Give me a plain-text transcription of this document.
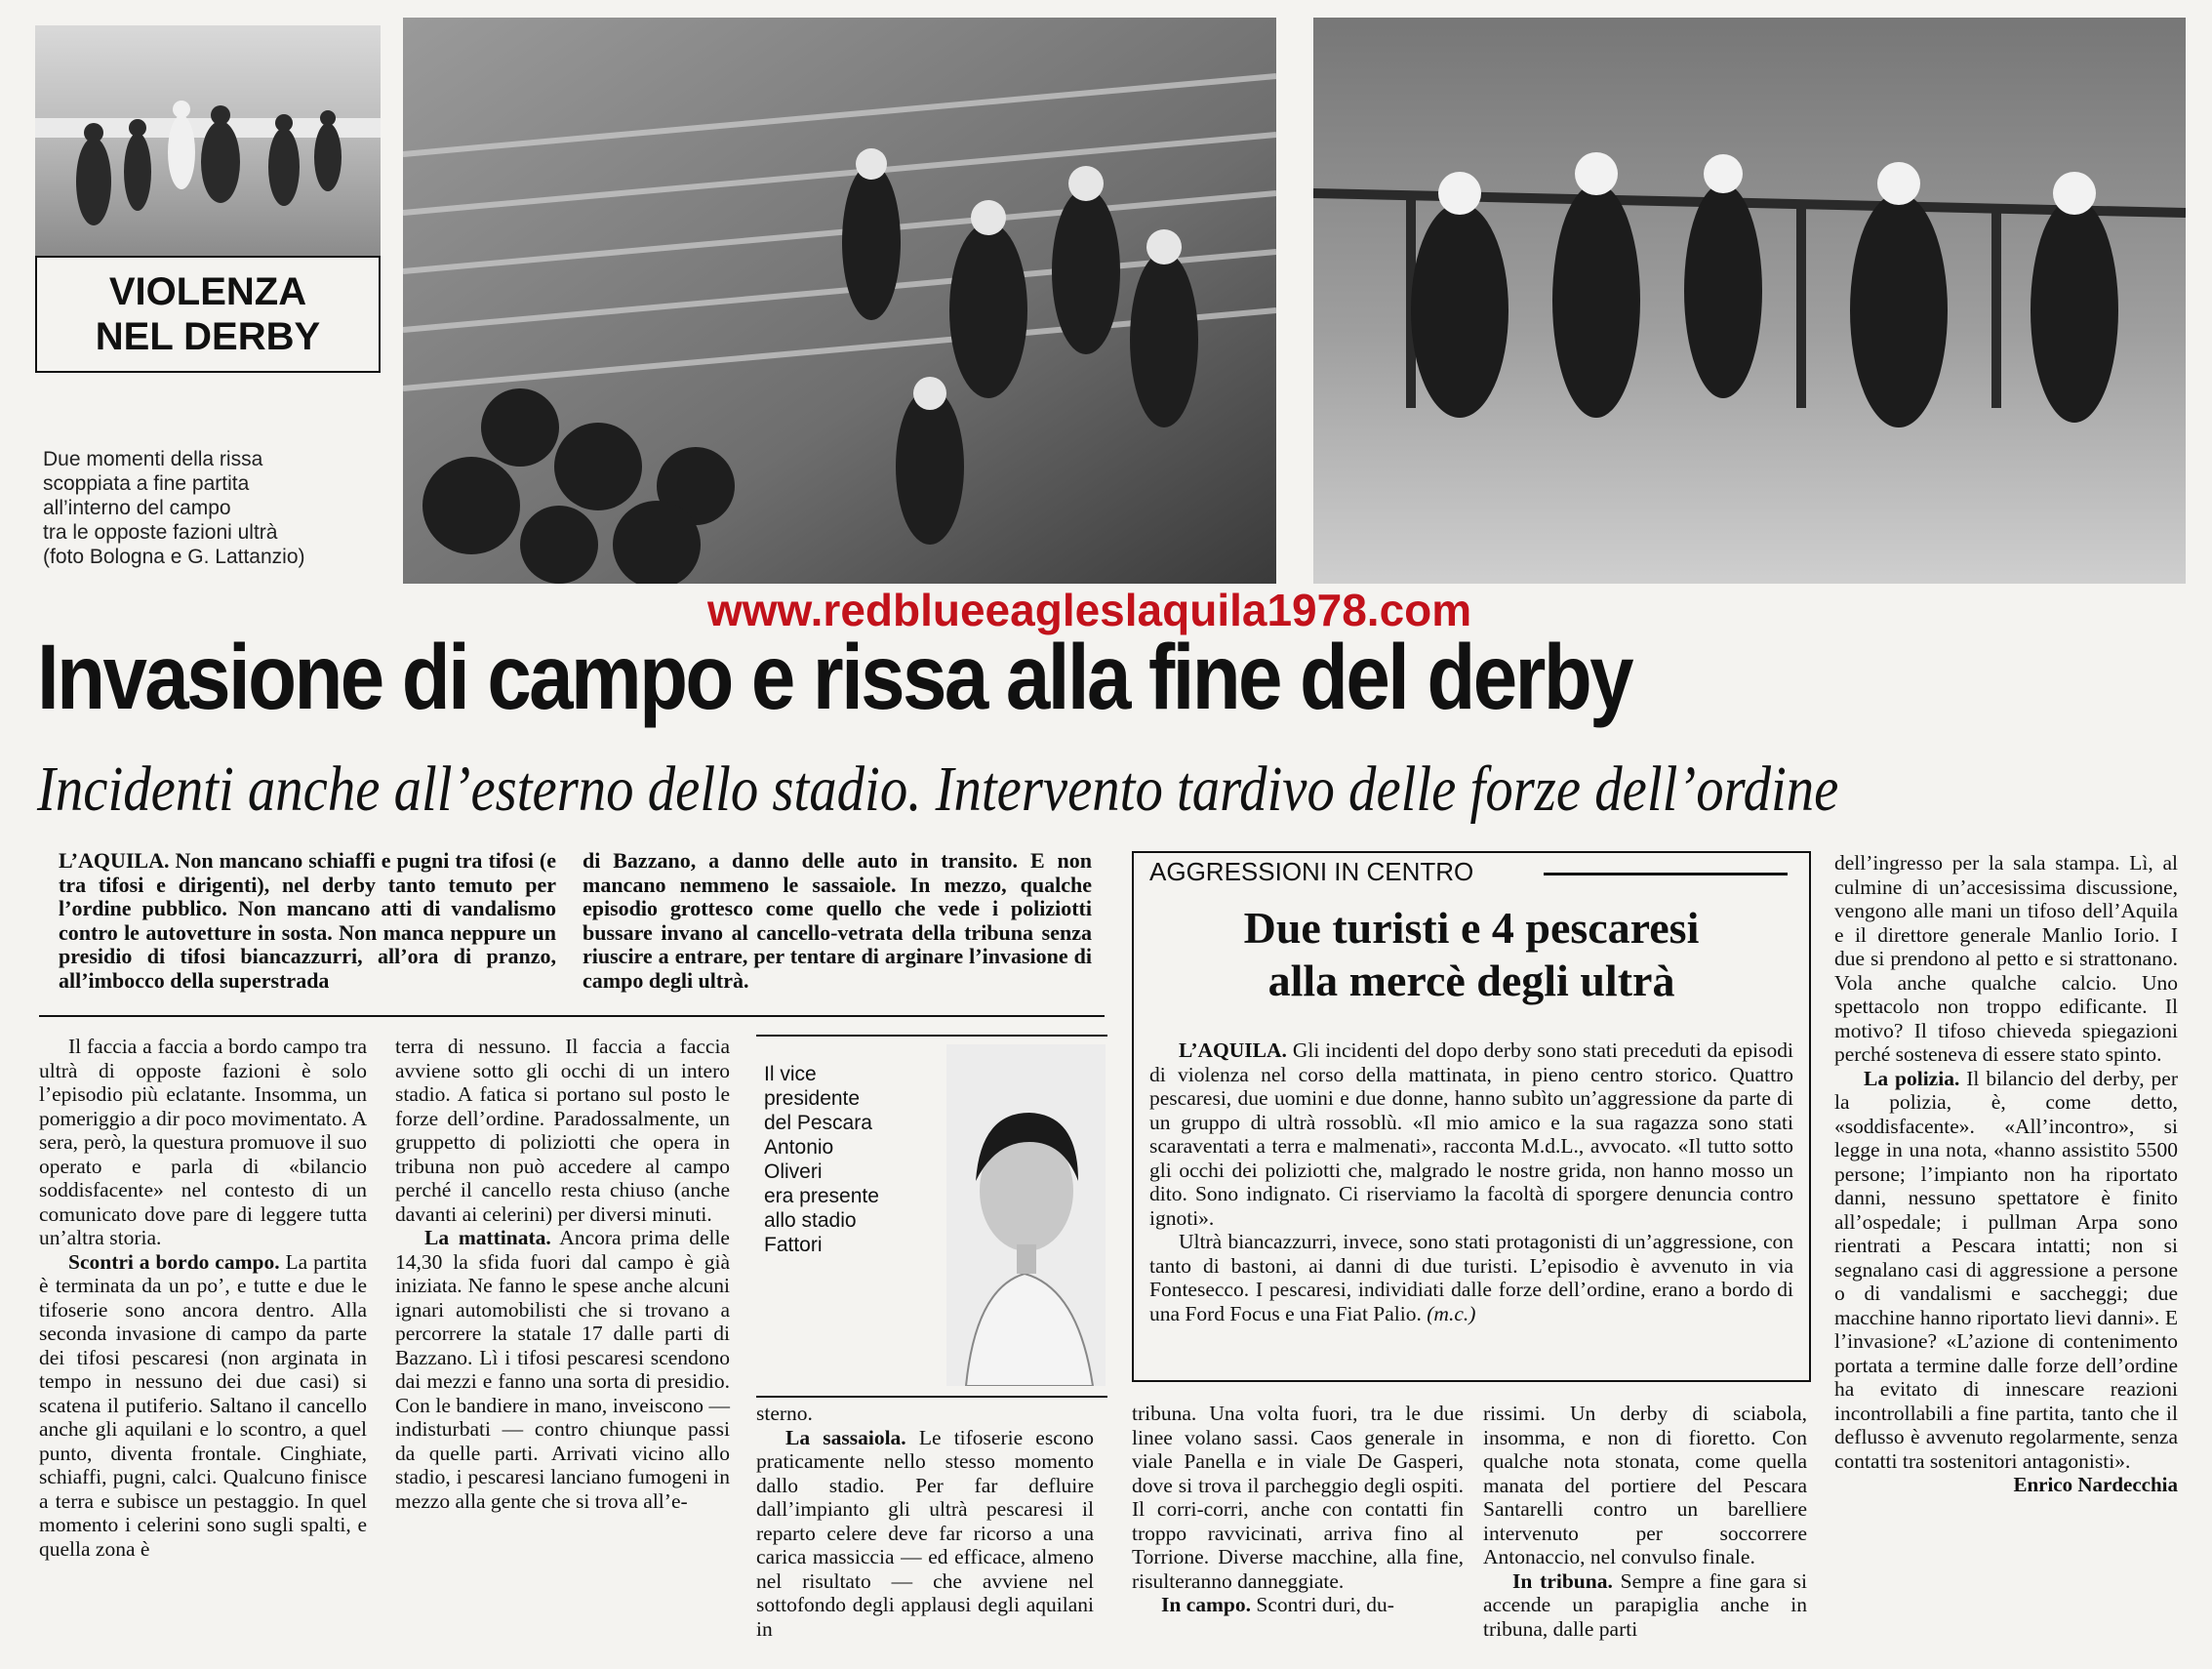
VIOLENZA
NEL DERBY
Due momenti della rissa
scoppiata a fine partita
all’interno del campo
tra le opposte fazioni ultrà
(foto Bologna e G. Lattanzio)
www.redblueeagleslaquila1978.com
Invasione di campo e rissa alla fine del derby
Incidenti anche all’esterno dello stadio. Intervento tardivo delle forze dell’ordine

L’AQUILA. Non mancano schiaffi e pugni tra tifosi (e tra tifosi e dirigenti), nel derby tanto temuto per l’ordine pubblico. Non mancano atti di vandalismo contro le autovetture in sosta. Non manca neppure un presidio di tifosi biancazzurri, all’ora di pranzo, all’imbocco della superstrada

di Bazzano, a danno delle auto in transito. E non mancano nemmeno le sassaiole. In mezzo, qualche episodio grottesco come quello che vede i poliziotti bussare invano al cancello-vetrata della tribuna senza riuscire a entrare, per tentare di arginare l’invasione di campo degli ultrà.

Il faccia a faccia a bordo campo tra ultrà di opposte fazioni è solo l’episodio più eclatante. Insomma, un pomeriggio a dir poco movimentato. A sera, però, la questura promuove il suo operato e parla di «bilancio soddisfacente» nel contesto di un comunicato dove pare di leggere tutta un’altra storia.

Scontri a bordo campo. La partita è terminata da un po’, e tutte e due le tifoserie sono ancora dentro. Alla seconda invasione di campo da parte dei tifosi pescaresi (non arginata in tempo in nessuno dei due casi) si scatena il putiferio. Saltano il cancello anche gli aquilani e lo scontro, a quel punto, diventa frontale. Cinghiate, schiaffi, pugni, calci. Qualcuno finisce a terra e subisce un pestaggio. In quel momento i celerini sono sugli spalti, e quella zona è

terra di nessuno. Il faccia a faccia avviene sotto gli occhi di un intero stadio. A fatica si portano sul posto le forze dell’ordine. Paradossalmente, un gruppetto di poliziotti che opera in tribuna non può accedere al campo perché il cancello resta chiuso (anche davanti ai celerini) per diversi minuti.

La mattinata. Ancora prima delle 14,30 la sfida fuori dal campo è già iniziata. Ne fanno le spese anche alcuni ignari automobilisti che si trovano a percorrere la statale 17 dalle parti di Bazzano. Lì i tifosi pescaresi scendono dai mezzi e fanno una sorta di presidio. Con le bandiere in mano, inveiscono — indisturbati — contro chiunque passi da quelle parti. Arrivati vicino allo stadio, i pescaresi lanciano fumogeni in mezzo alla gente che si trova all’e-

Il vice
presidente
del Pescara
Antonio
Oliveri
era presente
allo stadio
Fattori

sterno.

La sassaiola. Le tifoserie escono praticamente nello stesso momento dallo stadio. Per far defluire dall’impianto gli ultrà pescaresi il reparto celere deve far ricorso a una carica massiccia — ed efficace, almeno nel risultato — che avviene nel sottofondo degli applausi degli aquilani in

AGGRESSIONI IN CENTRO
Due turisti e 4 pescaresi
alla mercè degli ultrà

L’AQUILA. Gli incidenti del dopo derby sono stati preceduti da episodi di violenza nel corso della mattinata, in pieno centro storico. Quattro pescaresi, due uomini e due donne, hanno subìto un’aggressione da parte di un gruppo di ultrà rossoblù. «Il mio amico e la sua ragazza sono stati scaraventati a terra e malmenati», racconta M.d.L., avvocato. «Il tutto sotto gli occhi dei poliziotti che, malgrado le nostre grida, non hanno mosso un dito. Sono indignato. Ci riserviamo la facoltà di sporgere denuncia contro ignoti».

Ultrà biancazzurri, invece, sono stati protagonisti di un’aggressione, con tanto di bastoni, ai danni di due turisti. L’episodio è avvenuto in via Fontesecco. I pescaresi, individiati dalle forze dell’ordine, erano a bordo di una Ford Focus e una Fiat Palio. (m.c.)

tribuna. Una volta fuori, tra le due linee volano sassi. Caos generale in viale Panella e in viale De Gasperi, dove si trova il parcheggio degli ospiti. Il corri-corri, anche con contatti fin troppo ravvicinati, arriva fino al Torrione. Diverse macchine, alla fine, risulteranno danneggiate.

In campo. Scontri duri, du-

rissimi. Un derby di sciabola, insomma, e non di fioretto. Con qualche nota stonata, come quella manata del portiere del Pescara Santarelli contro un barelliere intervenuto per soccorrere Antonaccio, nel convulso finale.

In tribuna. Sempre a fine gara si accende un parapiglia anche in tribuna, dalle parti

dell’ingresso per la sala stampa. Lì, al culmine di un’accesissima discussione, vengono alle mani un tifoso dell’Aquila e il direttore generale Manlio Iorio. I due si prendono al petto e si strattonano. Vola anche qualche calcio. Uno spettacolo non troppo edificante. Il motivo? Il tifoso chieveda spiegazioni perché sosteneva di essere stato spinto.

La polizia. Il bilancio del derby, per la polizia, è, come detto, «soddisfacente». «All’incontro», si legge in una nota, «hanno assistito 5500 persone; l’impianto non ha riportato danni, nessuno spettatore è finito all’ospedale; i pullman Arpa sono rientrati a Pescara intatti; non si segnalano casi di aggressione a persone o di vandalismi e saccheggi; due macchine hanno riportato lievi danni». E l’invasione? «L’azione di contenimento portata a termine dalle forze dell’ordine ha evitato di innescare reazioni incontrollabili a fine partita, tanto che il deflusso è avvenuto regolarmente, senza contatti tra sostenitori antagonisti».

Enrico Nardecchia
